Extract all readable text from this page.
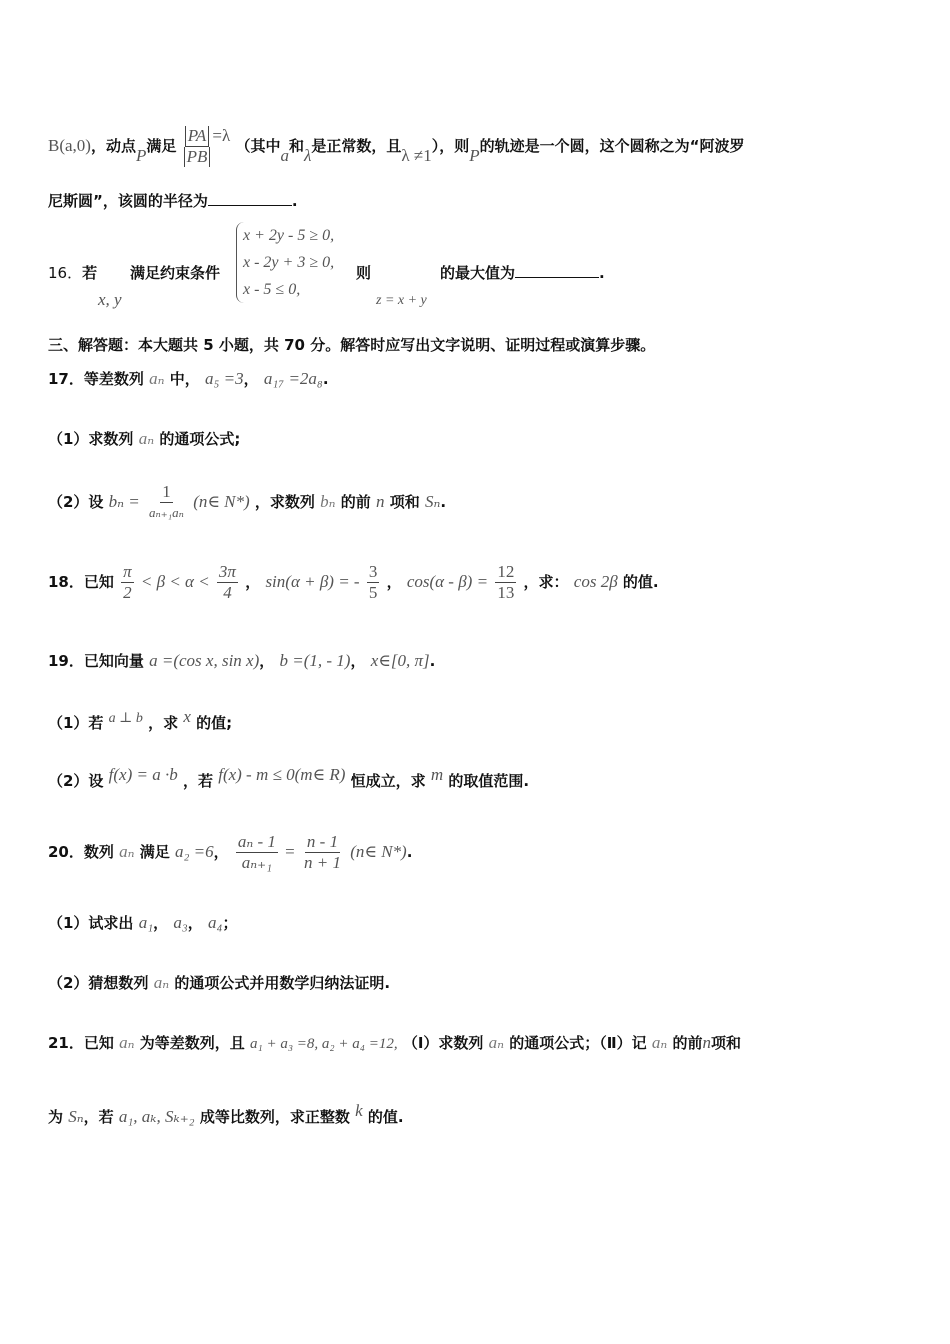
B(a,0)，动点P满足 $\frac{PA}{PB} =\lambda$ （其中a和λ是正常数，且λ ≠1），则P的轨迹是一个圆，这个圆称之为“阿波罗
尼斯圆”，该圆的半径为	.
16．若
x, y
满足约束条件
x + 2y - 5 ≥ 0,
x - 2y + 3 ≥ 0,
x - 5 ≤ 0,
则
z = x + y
的最大值为	.
三、解答题：本大题共 5 小题，共 70 分。解答时应写出文字说明、证明过程或演算步骤。
17．等差数列 aₙ 中， a₅ =3， a₁₇ =2a₈.
（1）求数列 aₙ 的通项公式;
（2）设 $b_n = \frac{1}{\text{aₙ₊₁aₙ}}$ (n∈ N*) ，求数列 bₙ 的前 n 项和 Sₙ.
18．已知 $\frac{\pi}{2} < \beta < \alpha < \frac{3\pi}{4}$ ， sin(α + β) = - $\frac{3}{5}$ ， $\cos(\alpha - \beta) = \frac{12}{13}$ ，求： cos 2β 的值.
19．已知向量 a =(cos x, sin x)， b =(1, - 1)， x∈[0, π].
（1）若 a ⊥ b ，求 x 的值;
（2）设 f(x) = a ·b ，若 f(x) - m ≤ 0(m∈ R) 恒成立，求 m 的取值范围.
20．数列 aₙ 满足 a₂ =6， $\frac{\text{aₙ - 1}}{\text{aₙ₊₁}} = \frac{n - 1}{n + 1}$ (n∈ N*).
（1）试求出 a₁， a₃， a₄；
（2）猜想数列 aₙ 的通项公式并用数学归纳法证明.
21．已知 aₙ 为等差数列，且 a₁ + a₃ =8, a₂ + a₄ =12, （Ⅰ）求数列 aₙ 的通项公式；（Ⅱ）记 aₙ 的前n项和
为 Sₙ，若 a₁, aₖ, Sₖ₊₂ 成等比数列，求正整数 k 的值.
